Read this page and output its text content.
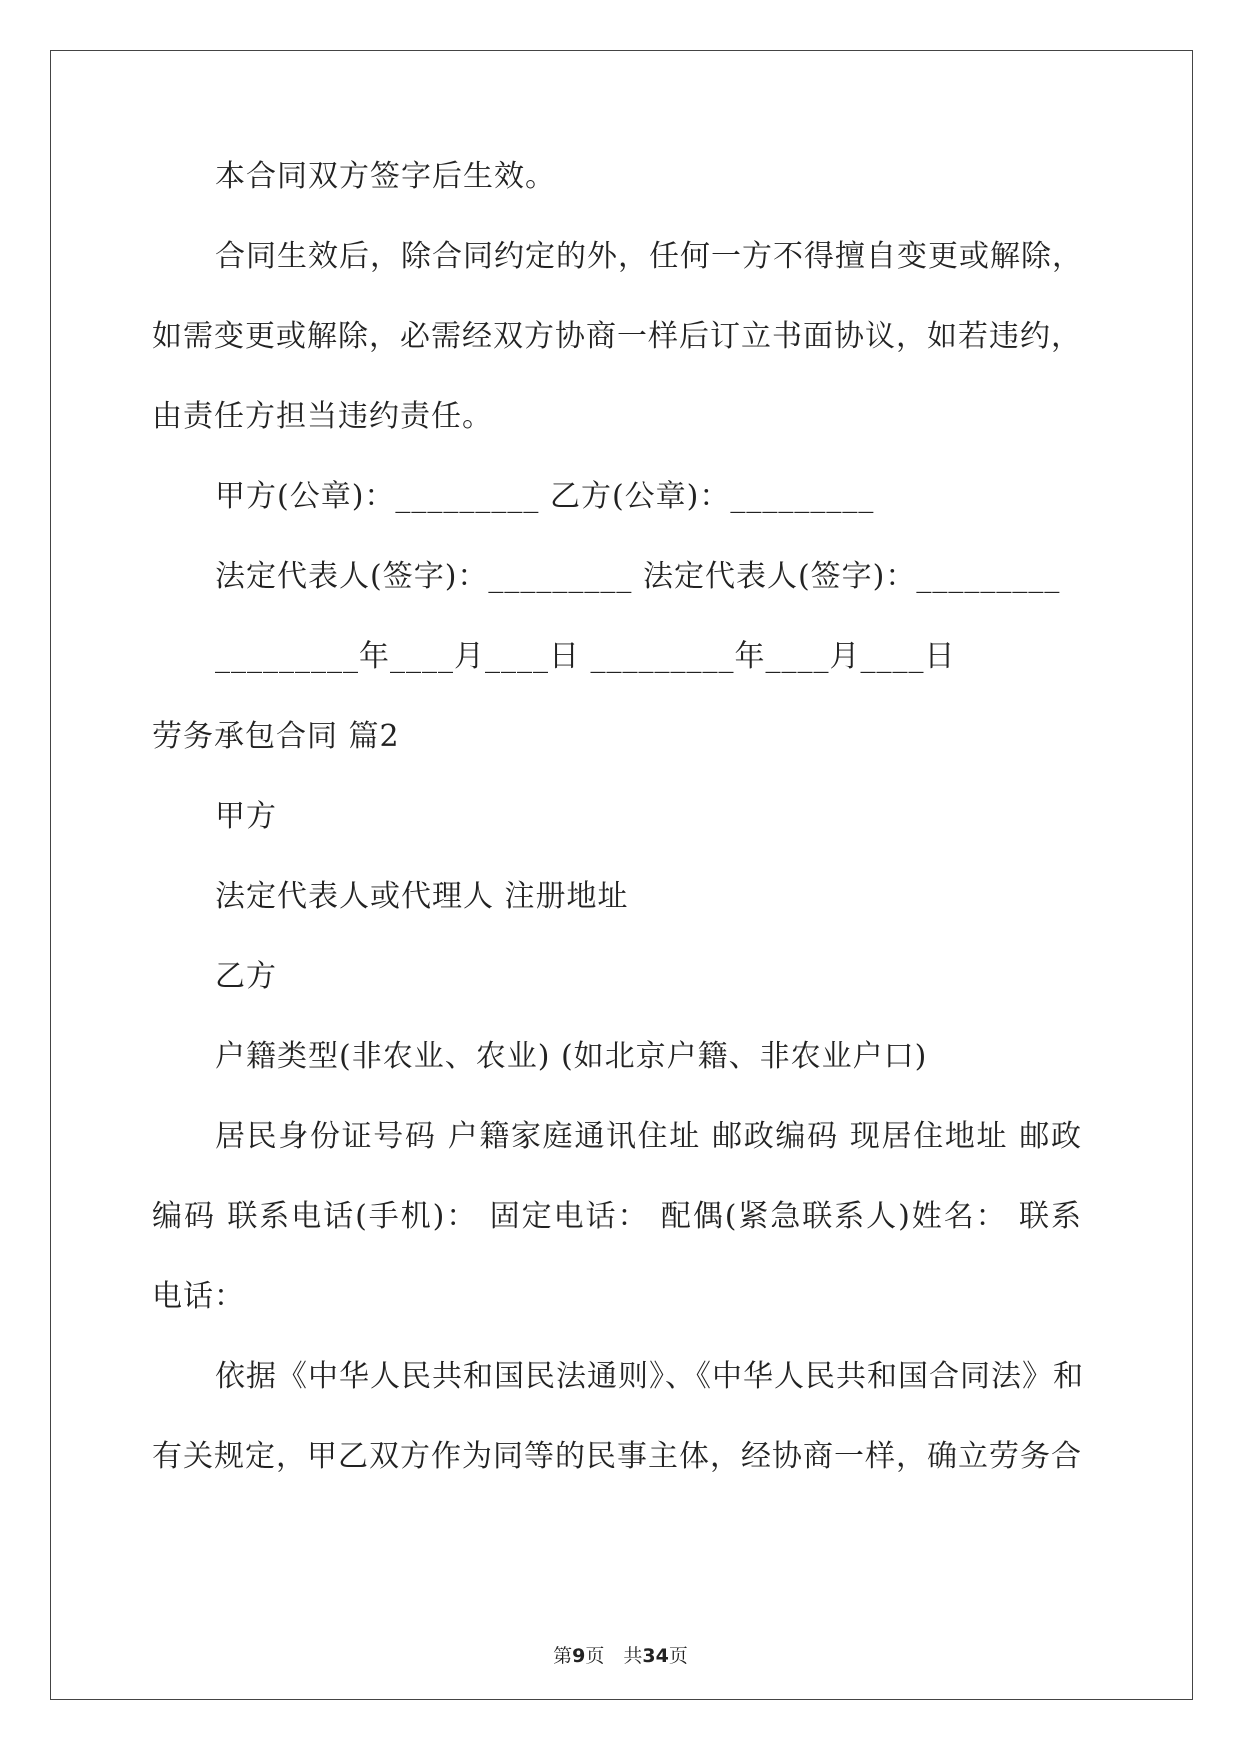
本合同双方签字后生效。
合同生效后，除合同约定的外，任何一方不得擅自变更或解除，
如需变更或解除，必需经双方协商一样后订立书面协议，如若违约，
由责任方担当违约责任。
甲方(公章)：_________ 乙方(公章)：_________
法定代表人(签字)：_________ 法定代表人(签字)：_________
_________年____月____日 _________年____月____日
劳务承包合同 篇2
甲方
法定代表人或代理人 注册地址
乙方
户籍类型(非农业、农业) (如北京户籍、非农业户口)
居民身份证号码 户籍家庭通讯住址 邮政编码 现居住地址 邮政
编码 联系电话(手机)： 固定电话： 配偶(紧急联系人)姓名： 联系
电话：
依据《中华人民共和国民法通则》、《中华人民共和国合同法》和
有关规定，甲乙双方作为同等的民事主体，经协商一样，确立劳务合
第9页　共34页
